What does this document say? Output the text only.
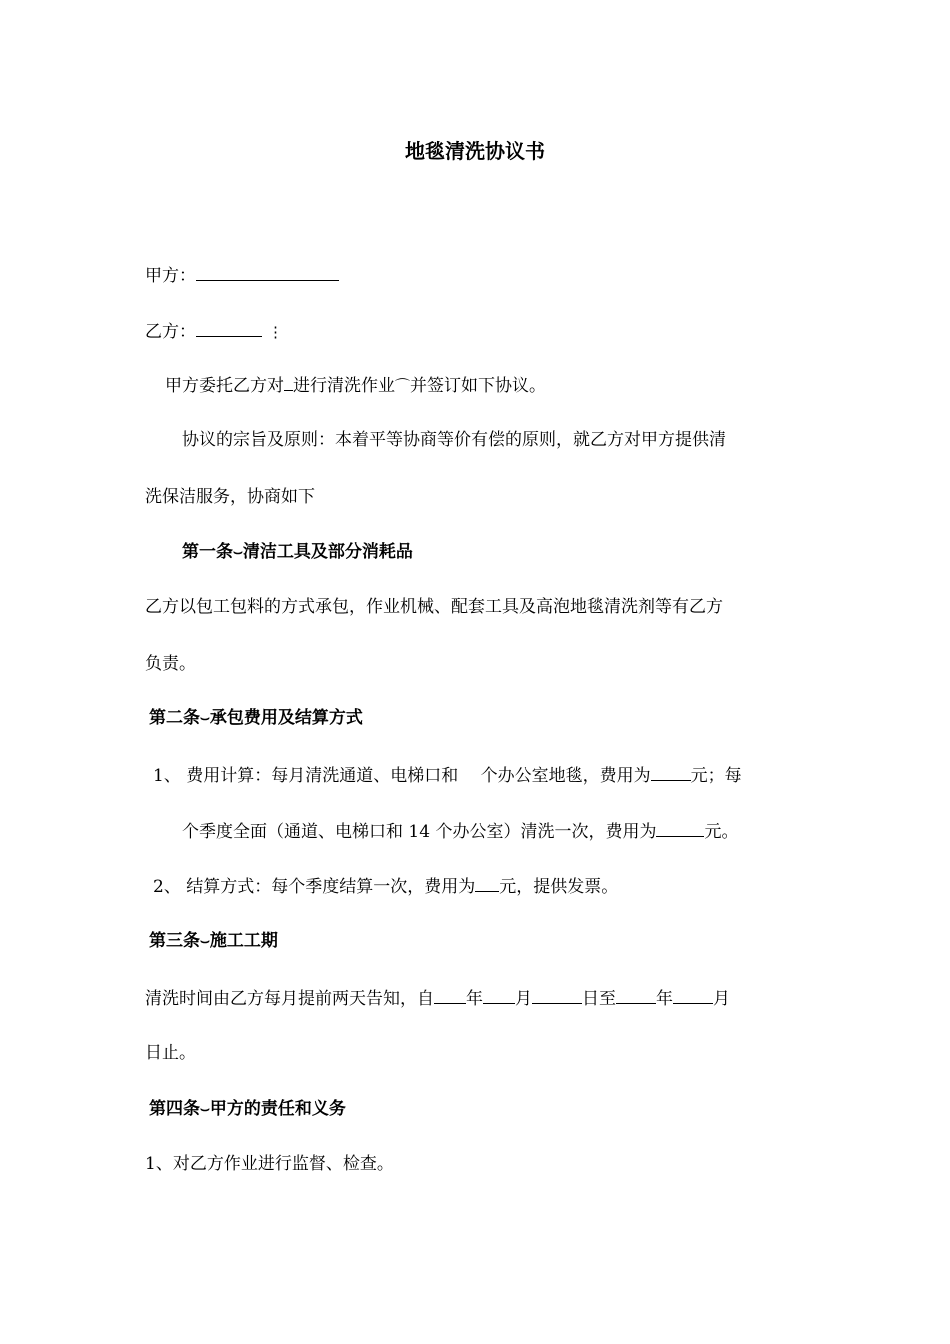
地毯清洗协议书
甲方：
乙方：	⋮
甲方委托乙方对 进行清洗作业⌒并签订如下协议。
协议的宗旨及原则：本着平等协商等价有偿的原则，就乙方对甲方提供清
洗保洁服务，协商如下
第一条⌣清洁工具及部分消耗品
乙方以包工包料的方式承包，作业机械、配套工具及高泡地毯清洗剂等有乙方
负责。
第二条⌣承包费用及结算方式
1、 费用计算：每月清洗通道、电梯口和　 个办公室地毯，费用为 元；每
个季度全面（通道、电梯口和 14 个办公室）清洗一次，费用为	元。
2、 结算方式：每个季度结算一次，费用为 元，提供发票。
第三条⌣施工工期
清洗时间由乙方每月提前两天告知，自 年 月	日至 年 月
日止。
第四条⌣甲方的责任和义务
1、对乙方作业进行监督、检查。
